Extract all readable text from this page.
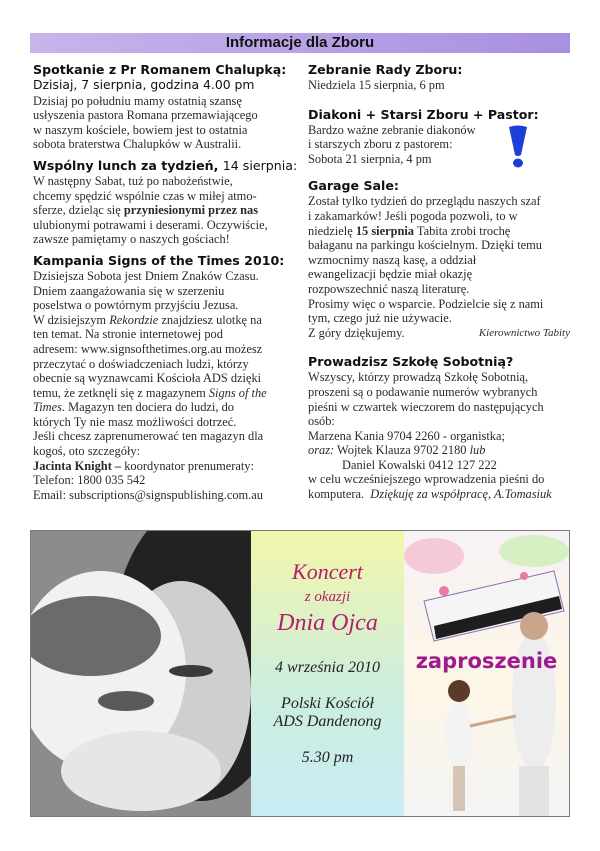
Informacje dla Zboru
Spotkanie z Pr Romanem Chalupką:
Dzisiaj, 7 sierpnia, godzina 4.00 pm

Dzisiaj po południu mamy ostatnią szansę

usłyszenia pastora Romana przemawiającego

w naszym kościele, bowiem jest to ostatnia

sobota braterstwa Chalupków w Australii.

Wspólny lunch za tydzień, 14 sierpnia:

W następny Sabat, tuż po nabożeństwie,

chcemy spędzić wspólnie czas w miłej atmo-

sferze, dzieląc się przyniesionymi przez nas

ulubionymi potrawami i deserami. Oczywiście,

zawsze pamiętamy o naszych gościach!

Kampania Signs of the Times 2010:

Dzisiejsza Sobota jest Dniem Znaków Czasu.

Dniem zaangażowania się w szerzeniu

poselstwa o powtórnym przyjściu Jezusa.

W dzisiejszym Rekordzie znajdziesz ulotkę na

ten temat. Na stronie internetowej pod

adresem: www.signsofthetimes.org.au możesz

przeczytać o doświadczeniach ludzi, którzy

obecnie są wyznawcami Kościoła ADS dzięki

temu, że zetknęli się z magazynem Signs of the

Times. Magazyn ten dociera do ludzi, do

których Ty nie masz możliwości dotrzeć.

Jeśli chcesz zaprenumerować ten magazyn dla

kogoś, oto szczegóły:

Jacinta Knight – koordynator prenumeraty:

Telefon: 1800 035 542

Email: subscriptions@signspublishing.com.au

Zebranie Rady Zboru:

Niedziela 15 sierpnia, 6 pm

Diakoni + Starsi Zboru + Pastor:

Bardzo ważne zebranie diakonów

i starszych zboru z pastorem:

Sobota 21 sierpnia, 4 pm

Garage Sale:

Został tylko tydzień do przeglądu naszych szaf

i zakamarków! Jeśli pogoda pozwoli, to w

niedzielę 15 sierpnia Tabita zrobi trochę

bałaganu na parkingu kościelnym. Dzięki temu

wzmocnimy naszą kasę, a oddział

ewangelizacji będzie miał okazję

rozpowszechnić naszą literaturę.

Prosimy więc o wsparcie. Podzielcie się z nami

tym, czego już nie używacie.

Z góry dziękujemy.	Kierownictwo Tabity

Prowadzisz Szkołę Sobotnią?

Wszyscy, którzy prowadzą Szkołę Sobotnią,

proszeni są o podawanie numerów wybranych

pieśni w czwartek wieczorem do następujących

osób:

Marzena Kania 9704 2260 - organistka;

oraz: Wojtek Klauza 9702 2180 lub

Daniel Kowalski 0412 127 222

w celu wcześniejszego wprowadzenia pieśni do

komputera. Dziękuję za współpracę, A.Tomasiuk

Koncert
z okazji
Dnia Ojca
4 września 2010
Polski Kościół
ADS Dandenong
5.30 pm
zaproszenie
